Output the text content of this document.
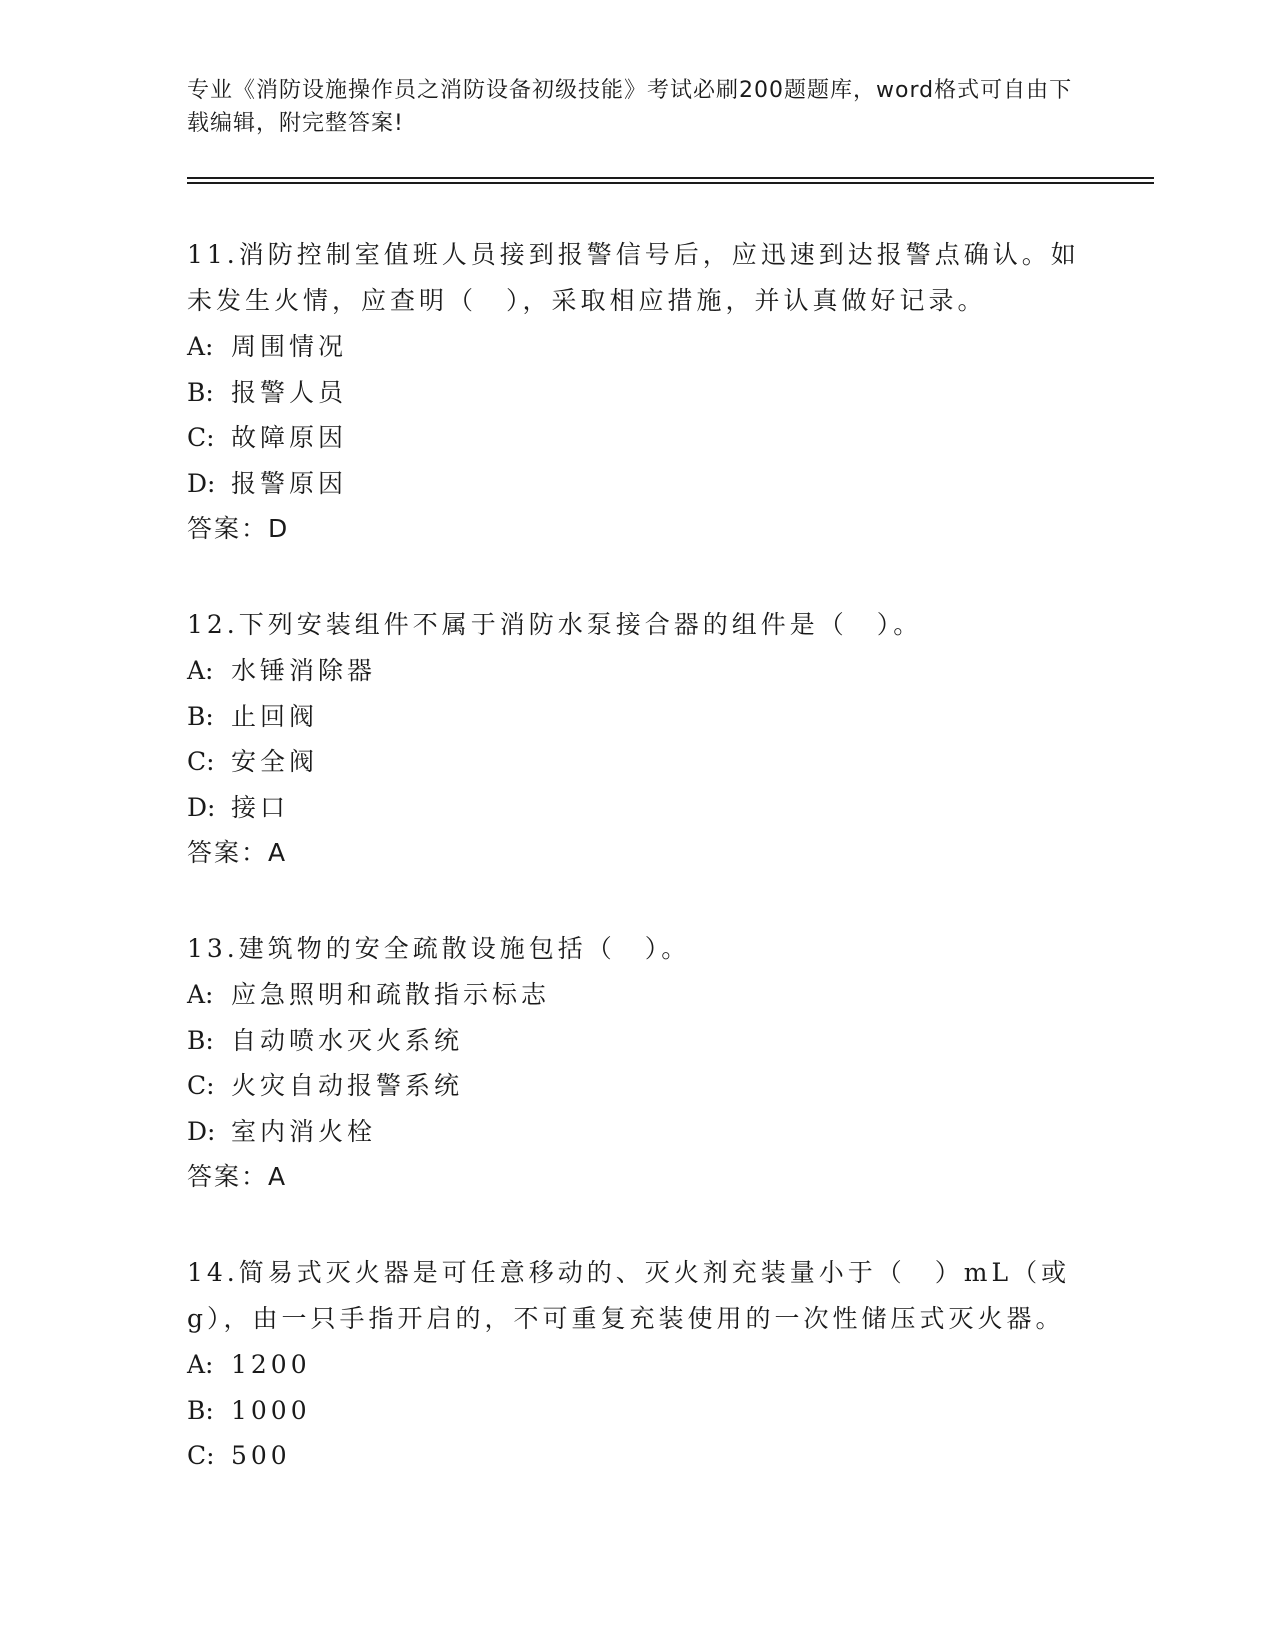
专业《消防设施操作员之消防设备初级技能》考试必刷200题题库，word格式可自由下载编辑，附完整答案!

11.消防控制室值班人员接到报警信号后，应迅速到达报警点确认。如未发生火情，应查明（　），采取相应措施，并认真做好记录。

A: 周围情况

B: 报警人员

C: 故障原因

D: 报警原因

答案：D

12.下列安装组件不属于消防水泵接合器的组件是（　）。

A: 水锤消除器

B: 止回阀

C: 安全阀

D: 接口

答案：A

13.建筑物的安全疏散设施包括（　）。

A: 应急照明和疏散指示标志

B: 自动喷水灭火系统

C: 火灾自动报警系统

D: 室内消火栓

答案：A

14.简易式灭火器是可任意移动的、灭火剂充装量小于（　）mL（或g），由一只手指开启的，不可重复充装使用的一次性储压式灭火器。

A: 1200

B: 1000

C: 500
